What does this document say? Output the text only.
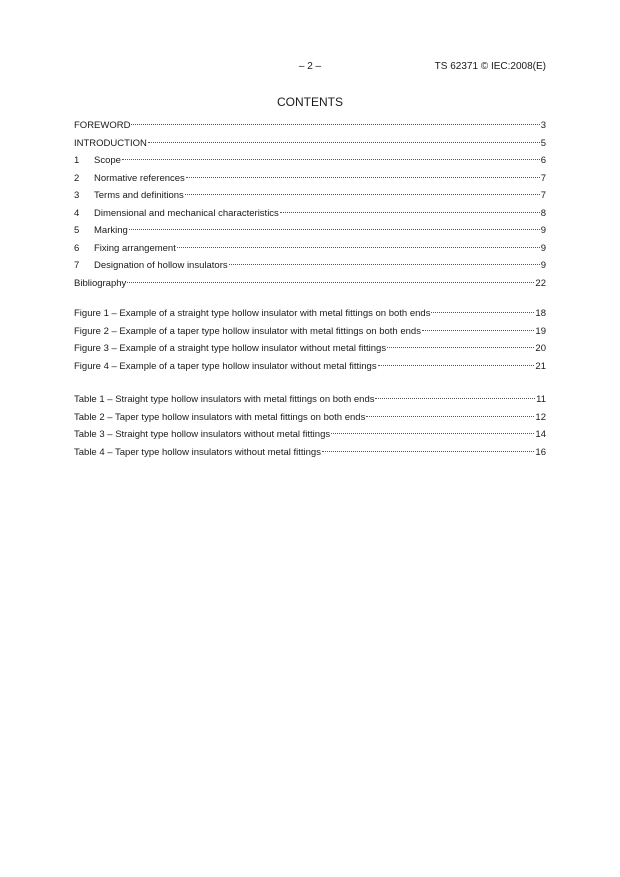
– 2 –	TS 62371 © IEC:2008(E)
CONTENTS
FOREWORD	3
INTRODUCTION	5
1	Scope	6
2	Normative references	7
3	Terms and definitions	7
4	Dimensional and mechanical characteristics	8
5	Marking	9
6	Fixing arrangement	9
7	Designation of hollow insulators	9
Bibliography	22
Figure 1 – Example of a straight type hollow insulator with metal fittings on both ends	18
Figure 2 – Example of a taper type hollow insulator with metal fittings on both ends	19
Figure 3 – Example of a straight type hollow insulator without metal fittings	20
Figure 4 – Example of a taper type hollow insulator without metal fittings	21
Table 1 – Straight type hollow insulators with metal fittings on both ends	11
Table 2 – Taper type hollow insulators with metal fittings on both ends	12
Table 3 – Straight type hollow insulators without metal fittings	14
Table 4 – Taper type hollow insulators without metal fittings	16
